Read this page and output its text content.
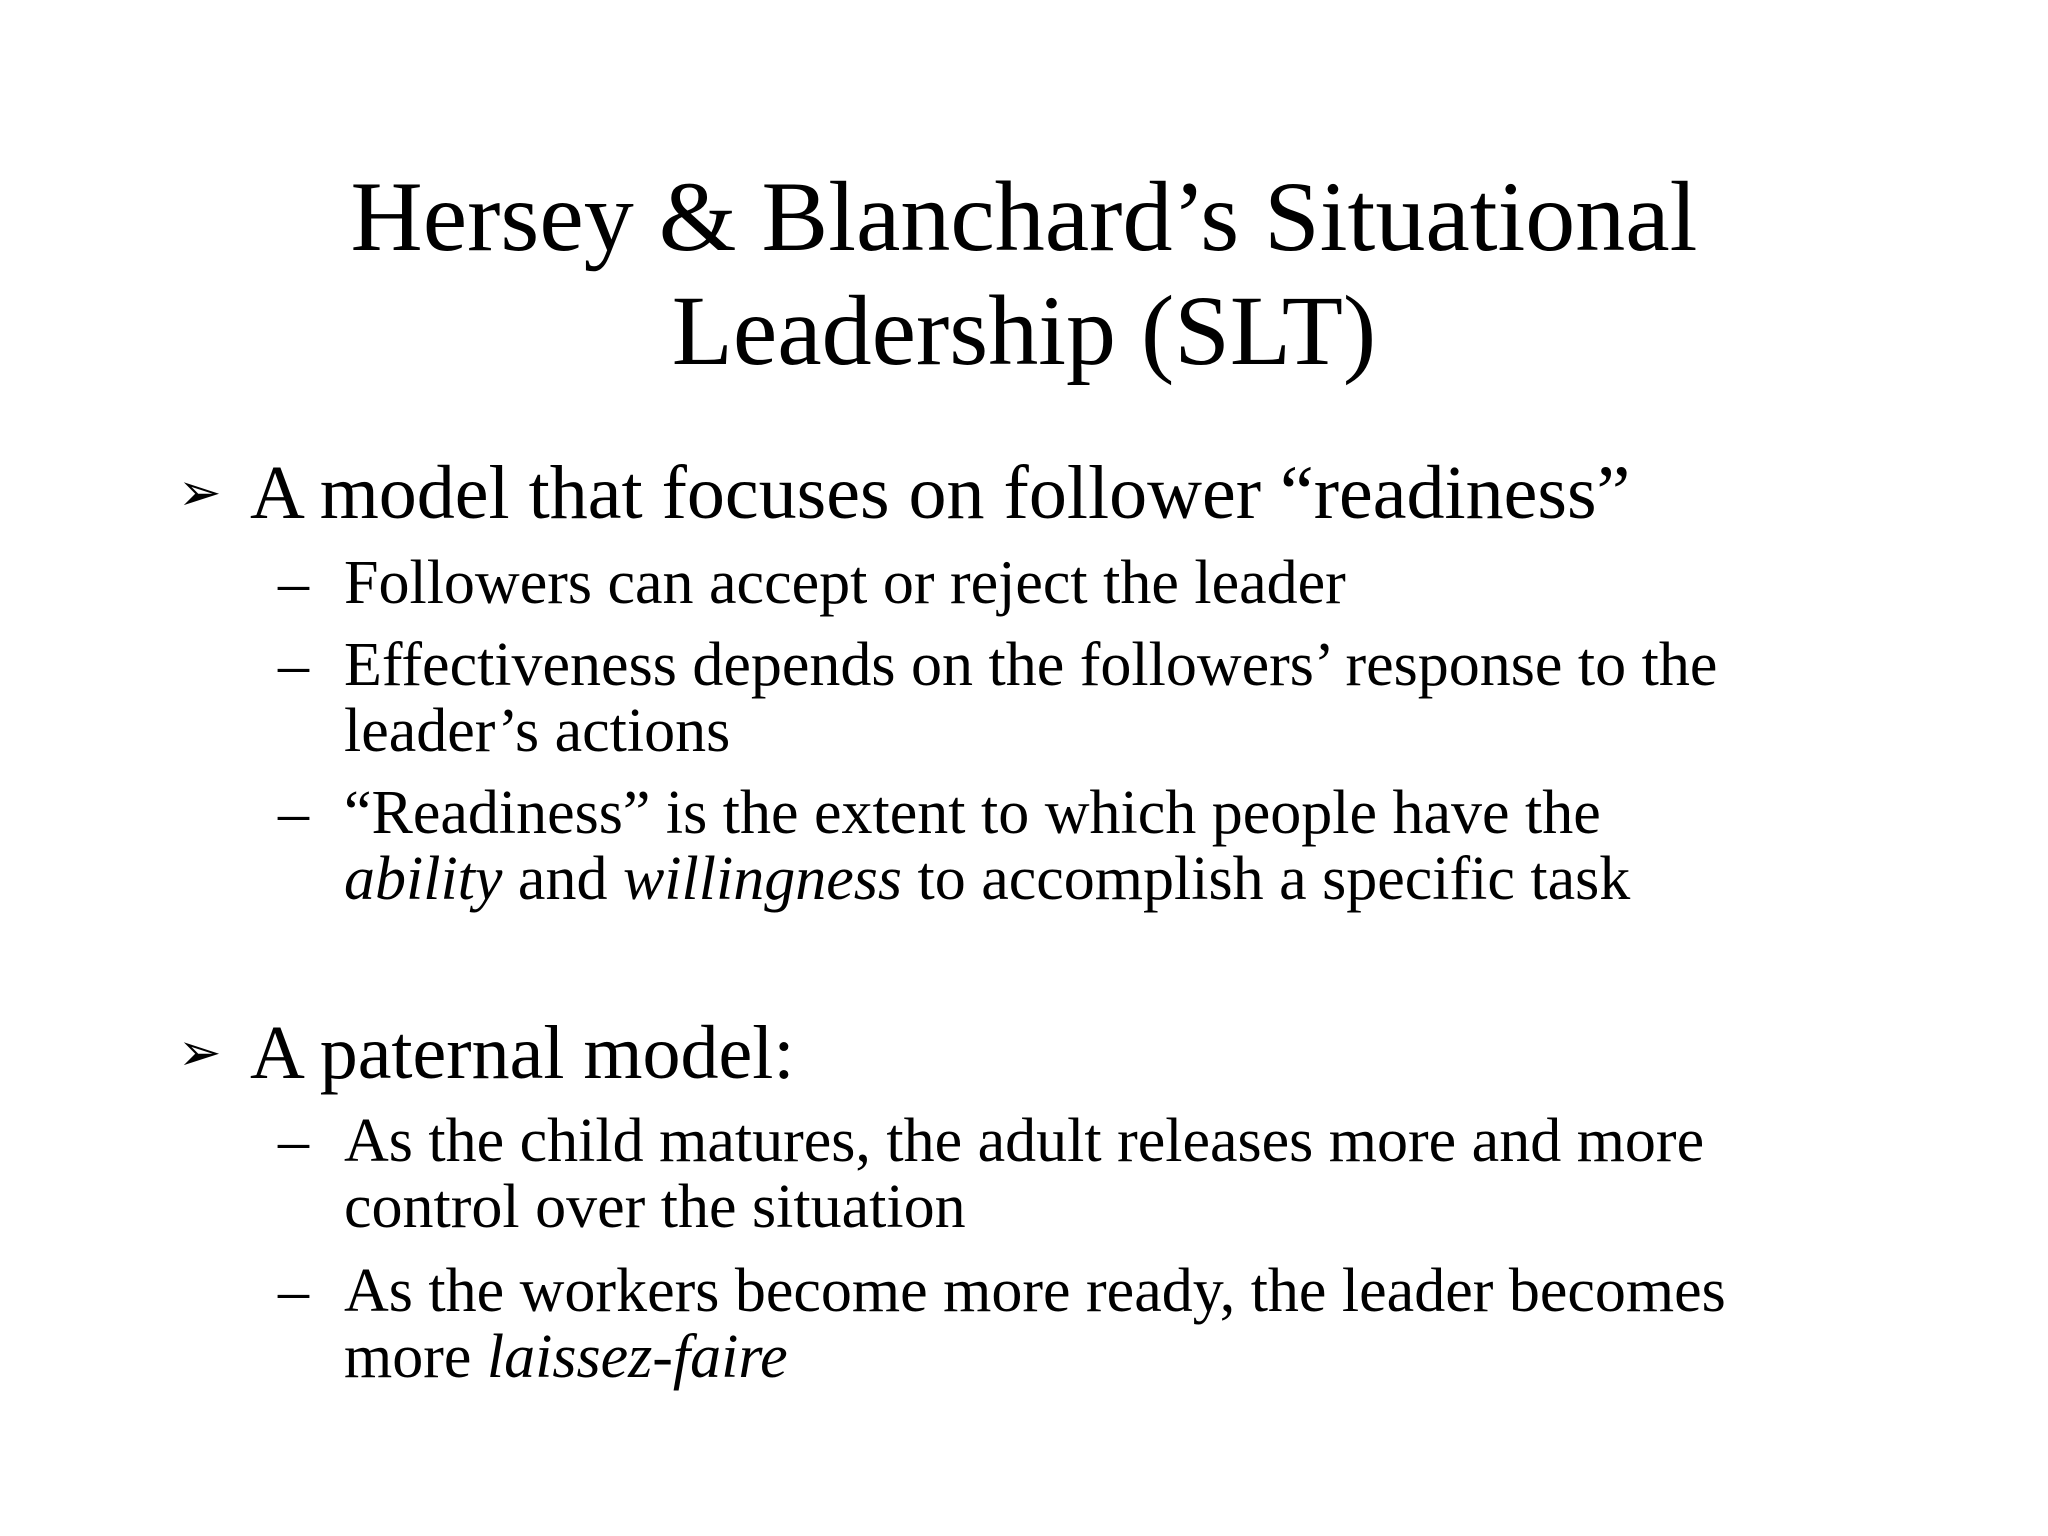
Hersey & Blanchard’s Situational
Leadership (SLT)
➢ A model that focuses on follower “readiness”
– Followers can accept or reject the leader
– Effectiveness depends on the followers’ response to the
leader’s actions
– “Readiness” is the extent to which people have the
ability and willingness to accomplish a specific task
➢ A paternal model:
– As the child matures, the adult releases more and more
control over the situation
– As the workers become more ready, the leader becomes
more laissez-faire
